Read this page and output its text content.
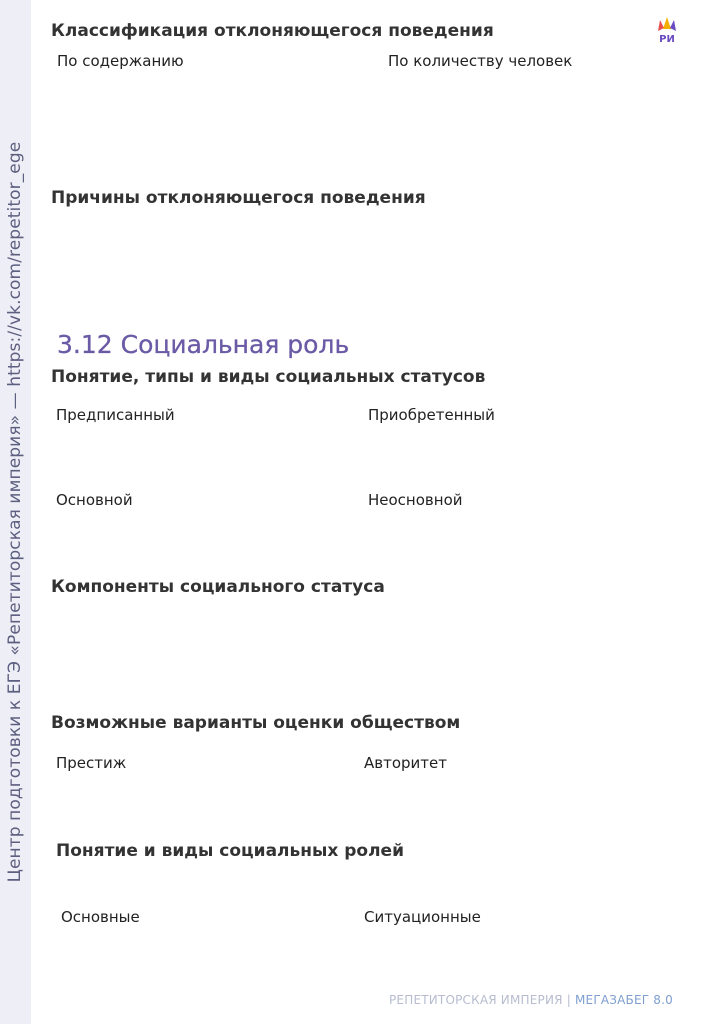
Центр подготовки к ЕГЭ «Репетиторская империя» — https://vk.com/repetitor_ege
РИ
Классификация отклоняющегося поведения

По содержанию	По количеству человек

Причины отклоняющегося поведения
3.12 Социальная роль
Понятие, типы и виды социальных статусов

Предписанный	Приобретенный

Основной	Неосновной

Компоненты социального статуса
Возможные варианты оценки обществом

Престиж	Авторитет

Понятие и виды социальных ролей

Основные	Ситуационные

РЕПЕТИТОРСКАЯ ИМПЕРИЯ | МЕГАЗАБЕГ 8.0
